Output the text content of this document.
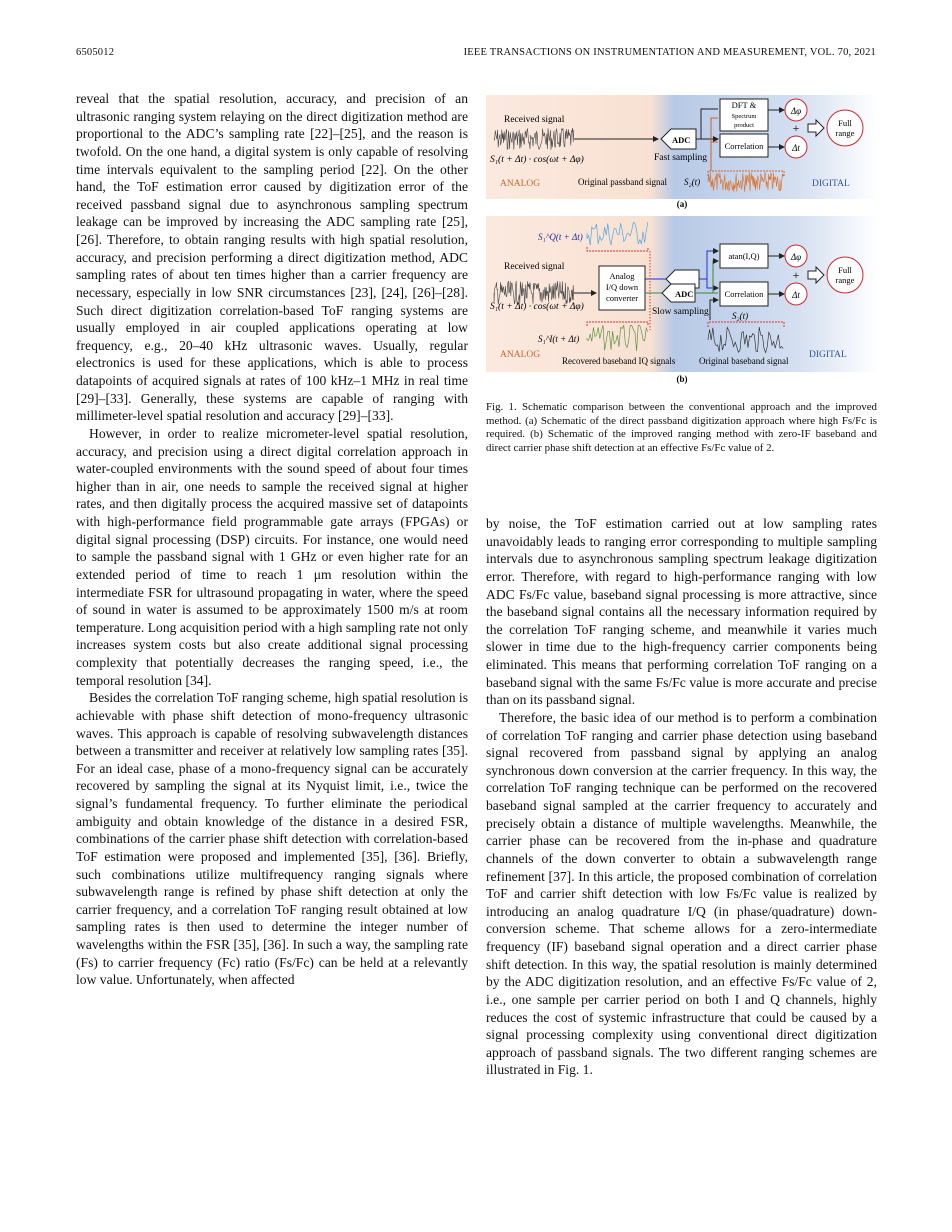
6505012	IEEE TRANSACTIONS ON INSTRUMENTATION AND MEASUREMENT, VOL. 70, 2021

reveal that the spatial resolution, accuracy, and precision of an ultrasonic ranging system relaying on the direct digitization method are proportional to the ADC’s sampling rate [22]–[25], and the reason is twofold. On the one hand, a digital system is only capable of resolving time intervals equivalent to the sampling period [22]. On the other hand, the ToF estimation error caused by digitization error of the received passband signal due to asynchronous sampling spectrum leakage can be improved by increasing the ADC sampling rate [25], [26]. Therefore, to obtain ranging results with high spatial resolution, accuracy, and precision performing a direct digitization method, ADC sampling rates of about ten times higher than a carrier frequency are necessary, especially in low SNR circumstances [23], [24], [26]–[28]. Such direct digitization correlation-based ToF ranging systems are usually employed in air coupled applications operating at low frequency, e.g., 20–40 kHz ultrasonic waves. Usually, regular electronics is used for these applications, which is able to process datapoints of acquired signals at rates of 100 kHz–1 MHz in real time [29]–[33]. Generally, these systems are capable of ranging with millimeter-level spatial resolution and accuracy [29]–[33].

However, in order to realize micrometer-level spatial resolution, accuracy, and precision using a direct digital correlation approach in water-coupled environments with the sound speed of about four times higher than in air, one needs to sample the received signal at higher rates, and then digitally process the acquired massive set of datapoints with high-performance field programmable gate arrays (FPGAs) or digital signal processing (DSP) circuits. For instance, one would need to sample the passband signal with 1 GHz or even higher rate for an extended period of time to reach 1 μm resolution within the intermediate FSR for ultrasound propagating in water, where the speed of sound in water is assumed to be approximately 1500 m/s at room temperature. Long acquisition period with a high sampling rate not only increases system costs but also create additional signal processing complexity that potentially decreases the ranging speed, i.e., the temporal resolution [34].

Besides the correlation ToF ranging scheme, high spatial resolution is achievable with phase shift detection of mono-frequency ultrasonic waves. This approach is capable of resolving subwavelength distances between a transmitter and receiver at relatively low sampling rates [35]. For an ideal case, phase of a mono-frequency signal can be accurately recovered by sampling the signal at its Nyquist limit, i.e., twice the signal’s fundamental frequency. To further eliminate the periodical ambiguity and obtain knowledge of the distance in a desired FSR, combinations of the carrier phase shift detection with correlation-based ToF estimation were proposed and implemented [35], [36]. Briefly, such combinations utilize multifrequency ranging signals where subwavelength range is refined by phase shift detection at only the carrier frequency, and a correlation ToF ranging result obtained at low sampling rates is then used to determine the integer number of wavelengths within the FSR [35], [36]. In such a way, the sampling rate (Fs) to carrier frequency (Fc) ratio (Fs/Fc) can be held at a relevantly low value. Unfortunately, when affected

Received signal
S₁(t + Δt) · cos(ωt + Δφ)
ADC
Fast sampling
DFT &
Spectrum
product
Correlation
Δφ
Δt
+	Full
range
ANALOG	Original passband signal S₂(t)	DIGITAL
(a)
S₁^Q(t + Δt)
Received signal
S₁(t + Δt) · cos(ωt + Δφ)
Analog
I/Q down
converter	ADC
Slow sampling
atan(I,Q)
Correlation
Δφ
Δt
+	Full
range
S₂(t)
S₁^I(t + Δt)
ANALOG
Recovered baseband IQ signals	Original baseband signal
DIGITAL
(b)
Fig. 1. Schematic comparison between the conventional approach and the improved method. (a) Schematic of the direct passband digitization approach where high Fs/Fc is required. (b) Schematic of the improved ranging method with zero-IF baseband and direct carrier phase shift detection at an effective Fs/Fc value of 2.

by noise, the ToF estimation carried out at low sampling rates unavoidably leads to ranging error corresponding to multiple sampling intervals due to asynchronous sampling spectrum leakage digitization error. Therefore, with regard to high-performance ranging with low ADC Fs/Fc value, baseband signal processing is more attractive, since the baseband signal contains all the necessary information required by the correlation ToF ranging scheme, and meanwhile it varies much slower in time due to the high-frequency carrier components being eliminated. This means that performing correlation ToF ranging on a baseband signal with the same Fs/Fc value is more accurate and precise than on its passband signal.

Therefore, the basic idea of our method is to perform a combination of correlation ToF ranging and carrier phase detection using baseband signal recovered from passband signal by applying an analog synchronous down conversion at the carrier frequency. In this way, the correlation ToF ranging technique can be performed on the recovered baseband signal sampled at the carrier frequency to accurately and precisely obtain a distance of multiple wavelengths. Meanwhile, the carrier phase can be recovered from the in-phase and quadrature channels of the down converter to obtain a subwavelength range refinement [37]. In this article, the proposed combination of correlation ToF and carrier shift detection with low Fs/Fc value is realized by introducing an analog quadrature I/Q (in phase/quadrature) down-conversion scheme. That scheme allows for a zero-intermediate frequency (IF) baseband signal operation and a direct carrier phase shift detection. In this way, the spatial resolution is mainly determined by the ADC digitization resolution, and an effective Fs/Fc value of 2, i.e., one sample per carrier period on both I and Q channels, highly reduces the cost of systemic infrastructure that could be caused by a signal processing complexity using conventional direct digitization approach of passband signals. The two different ranging schemes are illustrated in Fig. 1.
